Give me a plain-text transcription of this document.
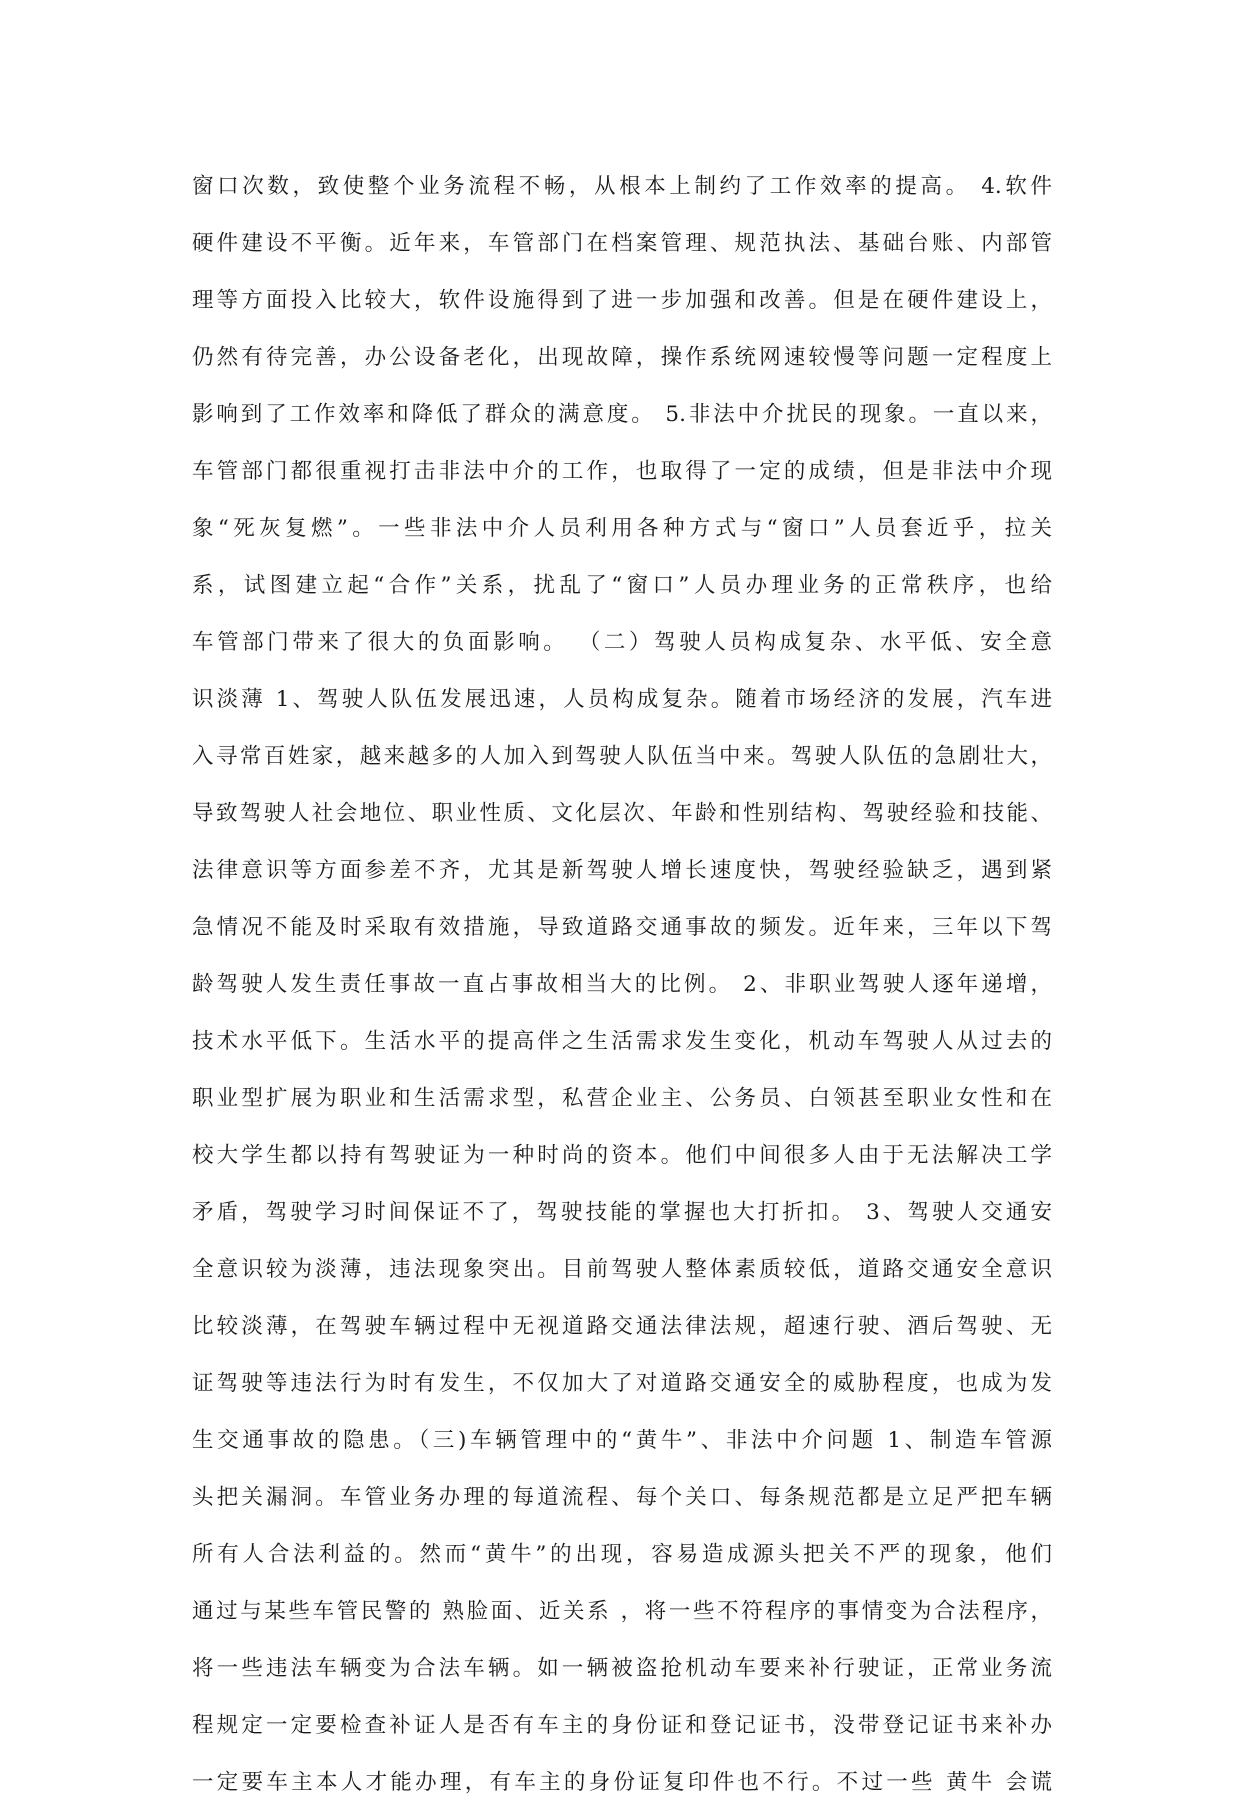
窗口次数，致使整个业务流程不畅，从根本上制约了工作效率的提高。 4.软件
硬件建设不平衡。近年来，车管部门在档案管理、规范执法、基础台账、内部管
理等方面投入比较大，软件设施得到了进一步加强和改善。但是在硬件建设上，
仍然有待完善，办公设备老化，出现故障，操作系统网速较慢等问题一定程度上
影响到了工作效率和降低了群众的满意度。 5.非法中介扰民的现象。一直以来，
车管部门都很重视打击非法中介的工作，也取得了一定的成绩，但是非法中介现
象“死灰复燃”。一些非法中介人员利用各种方式与“窗口”人员套近乎，拉关
系，试图建立起“合作”关系，扰乱了“窗口”人员办理业务的正常秩序，也给
车管部门带来了很大的负面影响。 （二）驾驶人员构成复杂、水平低、安全意
识淡薄 1、驾驶人队伍发展迅速，人员构成复杂。随着市场经济的发展，汽车进
入寻常百姓家，越来越多的人加入到驾驶人队伍当中来。驾驶人队伍的急剧壮大，
导致驾驶人社会地位、职业性质、文化层次、年龄和性别结构、驾驶经验和技能、
法律意识等方面参差不齐，尤其是新驾驶人增长速度快，驾驶经验缺乏，遇到紧
急情况不能及时采取有效措施，导致道路交通事故的频发。近年来，三年以下驾
龄驾驶人发生责任事故一直占事故相当大的比例。 2、非职业驾驶人逐年递增，
技术水平低下。生活水平的提高伴之生活需求发生变化，机动车驾驶人从过去的
职业型扩展为职业和生活需求型，私营企业主、公务员、白领甚至职业女性和在
校大学生都以持有驾驶证为一种时尚的资本。他们中间很多人由于无法解决工学
矛盾，驾驶学习时间保证不了，驾驶技能的掌握也大打折扣。 3、驾驶人交通安
全意识较为淡薄，违法现象突出。目前驾驶人整体素质较低，道路交通安全意识
比较淡薄，在驾驶车辆过程中无视道路交通法律法规，超速行驶、酒后驾驶、无
证驾驶等违法行为时有发生，不仅加大了对道路交通安全的威胁程度，也成为发
生交通事故的隐患。（三)车辆管理中的“黄牛”、非法中介问题 1、制造车管源
头把关漏洞。车管业务办理的每道流程、每个关口、每条规范都是立足严把车辆
所有人合法利益的。然而“黄牛”的出现，容易造成源头把关不严的现象，他们
通过与某些车管民警的 熟脸面、近关系 ，将一些不符程序的事情变为合法程序，
将一些违法车辆变为合法车辆。如一辆被盗抢机动车要来补行驶证，正常业务流
程规定一定要检查补证人是否有车主的身份证和登记证书，没带登记证书来补办
一定要车主本人才能办理，有车主的身份证复印件也不行。不过一些 黄牛 会谎
